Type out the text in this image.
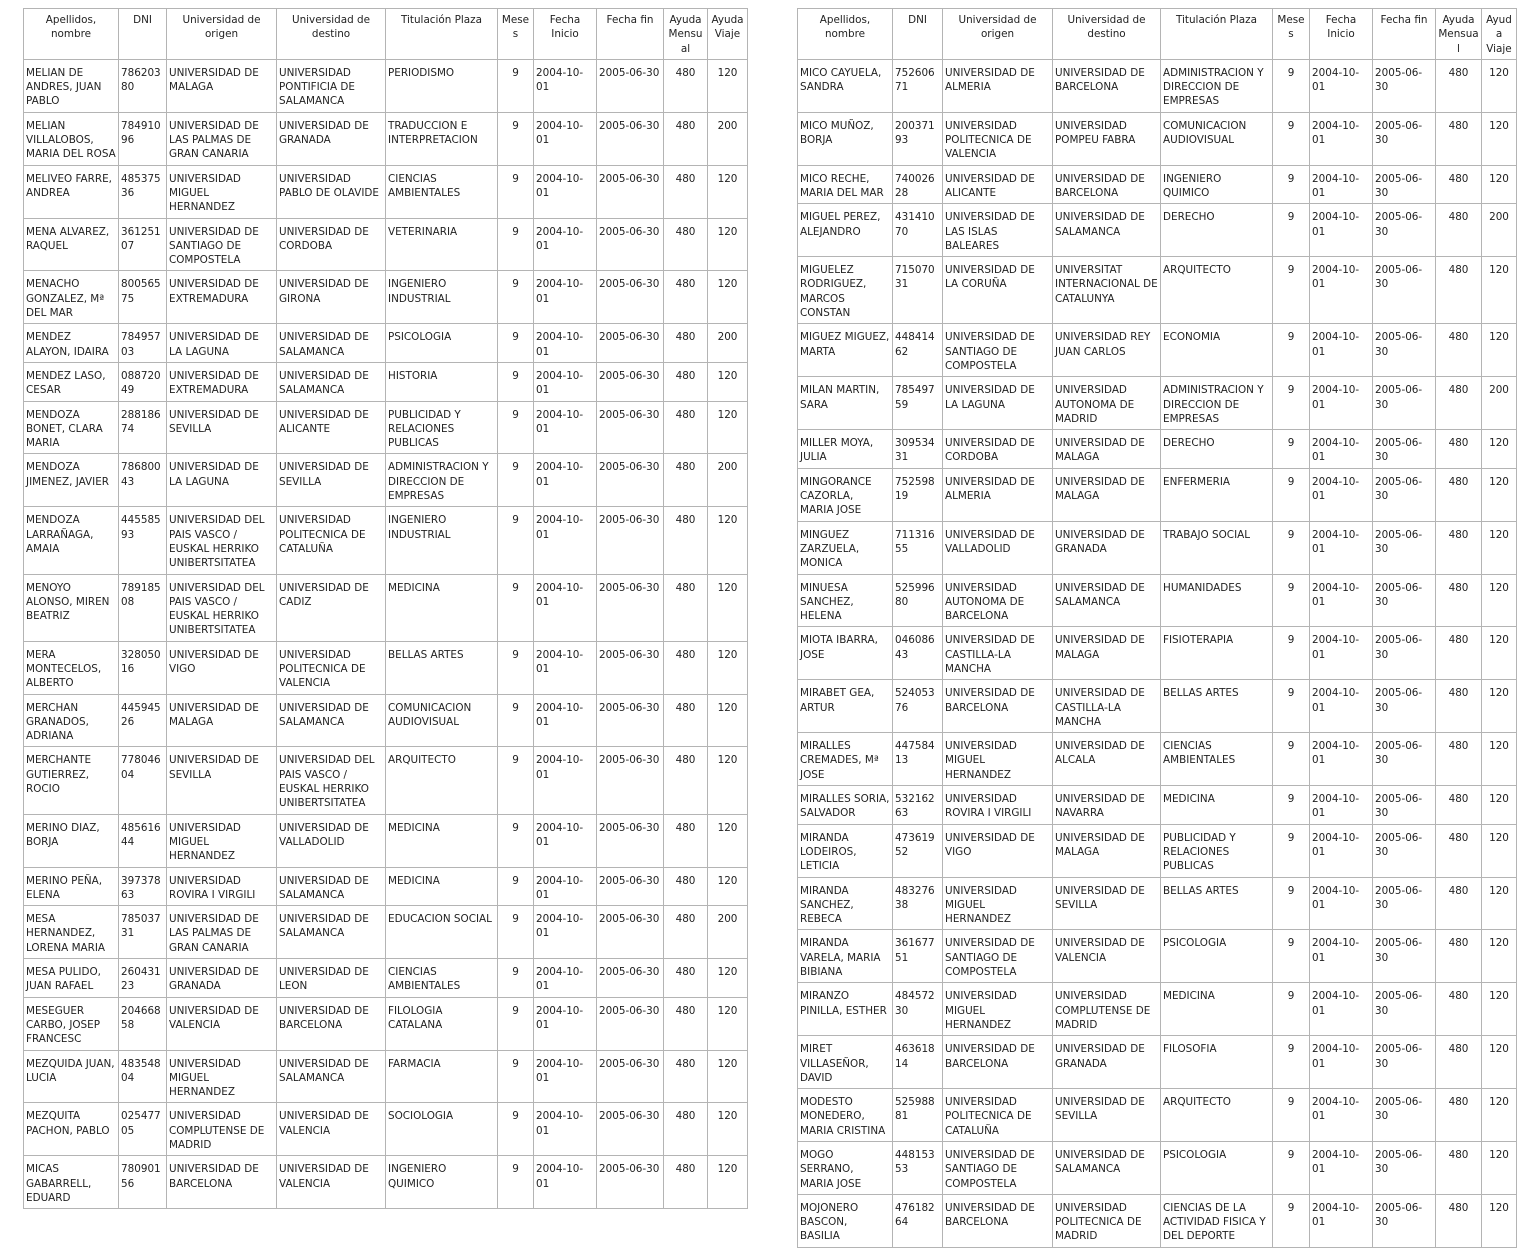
Apellidos, nombre	DNI	Universidad de origen	Universidad de destino	Titulación Plaza	Meses	Fecha Inicio	Fecha fin	Ayuda Mensual	Ayuda Viaje
MELIAN DE ANDRES, JUAN PABLO	78620380	UNIVERSIDAD DE MALAGA	UNIVERSIDAD PONTIFICIA DE SALAMANCA	PERIODISMO	9	2004-10-01	2005-06-30	480	120
MELIAN VILLALOBOS, MARIA DEL ROSA	78491096	UNIVERSIDAD DE LAS PALMAS DE GRAN CANARIA	UNIVERSIDAD DE GRANADA	TRADUCCION E INTERPRETACION	9	2004-10-01	2005-06-30	480	200
MELIVEO FARRE, ANDREA	48537536	UNIVERSIDAD MIGUEL HERNANDEZ	UNIVERSIDAD PABLO DE OLAVIDE	CIENCIAS AMBIENTALES	9	2004-10-01	2005-06-30	480	120
MENA ALVAREZ, RAQUEL	36125107	UNIVERSIDAD DE SANTIAGO DE COMPOSTELA	UNIVERSIDAD DE CORDOBA	VETERINARIA	9	2004-10-01	2005-06-30	480	120
MENACHO GONZALEZ, Mª DEL MAR	80056575	UNIVERSIDAD DE EXTREMADURA	UNIVERSIDAD DE GIRONA	INGENIERO INDUSTRIAL	9	2004-10-01	2005-06-30	480	120
MENDEZ ALAYON, IDAIRA	78495703	UNIVERSIDAD DE LA LAGUNA	UNIVERSIDAD DE SALAMANCA	PSICOLOGIA	9	2004-10-01	2005-06-30	480	200
MENDEZ LASO, CESAR	08872049	UNIVERSIDAD DE EXTREMADURA	UNIVERSIDAD DE SALAMANCA	HISTORIA	9	2004-10-01	2005-06-30	480	120
MENDOZA BONET, CLARA MARIA	28818674	UNIVERSIDAD DE SEVILLA	UNIVERSIDAD DE ALICANTE	PUBLICIDAD Y RELACIONES PUBLICAS	9	2004-10-01	2005-06-30	480	120
MENDOZA JIMENEZ, JAVIER	78680043	UNIVERSIDAD DE LA LAGUNA	UNIVERSIDAD DE SEVILLA	ADMINISTRACION Y DIRECCION DE EMPRESAS	9	2004-10-01	2005-06-30	480	200
MENDOZA LARRAÑAGA, AMAIA	44558593	UNIVERSIDAD DEL PAIS VASCO / EUSKAL HERRIKO UNIBERTSITATEA	UNIVERSIDAD POLITECNICA DE CATALUÑA	INGENIERO INDUSTRIAL	9	2004-10-01	2005-06-30	480	120
MENOYO ALONSO, MIREN BEATRIZ	78918508	UNIVERSIDAD DEL PAIS VASCO / EUSKAL HERRIKO UNIBERTSITATEA	UNIVERSIDAD DE CADIZ	MEDICINA	9	2004-10-01	2005-06-30	480	120
MERA MONTECELOS, ALBERTO	32805016	UNIVERSIDAD DE VIGO	UNIVERSIDAD POLITECNICA DE VALENCIA	BELLAS ARTES	9	2004-10-01	2005-06-30	480	120
MERCHAN GRANADOS, ADRIANA	44594526	UNIVERSIDAD DE MALAGA	UNIVERSIDAD DE SALAMANCA	COMUNICACION AUDIOVISUAL	9	2004-10-01	2005-06-30	480	120
MERCHANTE GUTIERREZ, ROCIO	77804604	UNIVERSIDAD DE SEVILLA	UNIVERSIDAD DEL PAIS VASCO / EUSKAL HERRIKO UNIBERTSITATEA	ARQUITECTO	9	2004-10-01	2005-06-30	480	120
MERINO DIAZ, BORJA	48561644	UNIVERSIDAD MIGUEL HERNANDEZ	UNIVERSIDAD DE VALLADOLID	MEDICINA	9	2004-10-01	2005-06-30	480	120
MERINO PEÑA, ELENA	39737863	UNIVERSIDAD ROVIRA I VIRGILI	UNIVERSIDAD DE SALAMANCA	MEDICINA	9	2004-10-01	2005-06-30	480	120
MESA HERNANDEZ, LORENA MARIA	78503731	UNIVERSIDAD DE LAS PALMAS DE GRAN CANARIA	UNIVERSIDAD DE SALAMANCA	EDUCACION SOCIAL	9	2004-10-01	2005-06-30	480	200
MESA PULIDO, JUAN RAFAEL	26043123	UNIVERSIDAD DE GRANADA	UNIVERSIDAD DE LEON	CIENCIAS AMBIENTALES	9	2004-10-01	2005-06-30	480	120
MESEGUER CARBO, JOSEP FRANCESC	20466858	UNIVERSIDAD DE VALENCIA	UNIVERSIDAD DE BARCELONA	FILOLOGIA CATALANA	9	2004-10-01	2005-06-30	480	120
MEZQUIDA JUAN, LUCIA	48354804	UNIVERSIDAD MIGUEL HERNANDEZ	UNIVERSIDAD DE SALAMANCA	FARMACIA	9	2004-10-01	2005-06-30	480	120
MEZQUITA PACHON, PABLO	02547705	UNIVERSIDAD COMPLUTENSE DE MADRID	UNIVERSIDAD DE VALENCIA	SOCIOLOGIA	9	2004-10-01	2005-06-30	480	120
MICAS GABARRELL, EDUARD	78090156	UNIVERSIDAD DE BARCELONA	UNIVERSIDAD DE VALENCIA	INGENIERO QUIMICO	9	2004-10-01	2005-06-30	480	120
Apellidos, nombre	DNI	Universidad de origen	Universidad de destino	Titulación Plaza	Meses	Fecha Inicio	Fecha fin	Ayuda Mensual	Ayuda Viaje
MICO CAYUELA, SANDRA	75260671	UNIVERSIDAD DE ALMERIA	UNIVERSIDAD DE BARCELONA	ADMINISTRACION Y DIRECCION DE EMPRESAS	9	2004-10-01	2005-06-30	480	120
MICO MUÑOZ, BORJA	20037193	UNIVERSIDAD POLITECNICA DE VALENCIA	UNIVERSIDAD POMPEU FABRA	COMUNICACION AUDIOVISUAL	9	2004-10-01	2005-06-30	480	120
MICO RECHE, MARIA DEL MAR	74002628	UNIVERSIDAD DE ALICANTE	UNIVERSIDAD DE BARCELONA	INGENIERO QUIMICO	9	2004-10-01	2005-06-30	480	120
MIGUEL PEREZ, ALEJANDRO	43141070	UNIVERSIDAD DE LAS ISLAS BALEARES	UNIVERSIDAD DE SALAMANCA	DERECHO	9	2004-10-01	2005-06-30	480	200
MIGUELEZ RODRIGUEZ, MARCOS CONSTAN	71507031	UNIVERSIDAD DE LA CORUÑA	UNIVERSITAT INTERNACIONAL DE CATALUNYA	ARQUITECTO	9	2004-10-01	2005-06-30	480	120
MIGUEZ MIGUEZ, MARTA	44841462	UNIVERSIDAD DE SANTIAGO DE COMPOSTELA	UNIVERSIDAD REY JUAN CARLOS	ECONOMIA	9	2004-10-01	2005-06-30	480	120
MILAN MARTIN, SARA	78549759	UNIVERSIDAD DE LA LAGUNA	UNIVERSIDAD AUTONOMA DE MADRID	ADMINISTRACION Y DIRECCION DE EMPRESAS	9	2004-10-01	2005-06-30	480	200
MILLER MOYA, JULIA	30953431	UNIVERSIDAD DE CORDOBA	UNIVERSIDAD DE MALAGA	DERECHO	9	2004-10-01	2005-06-30	480	120
MINGORANCE CAZORLA, MARIA JOSE	75259819	UNIVERSIDAD DE ALMERIA	UNIVERSIDAD DE MALAGA	ENFERMERIA	9	2004-10-01	2005-06-30	480	120
MINGUEZ ZARZUELA, MONICA	71131655	UNIVERSIDAD DE VALLADOLID	UNIVERSIDAD DE GRANADA	TRABAJO SOCIAL	9	2004-10-01	2005-06-30	480	120
MINUESA SANCHEZ, HELENA	52599680	UNIVERSIDAD AUTONOMA DE BARCELONA	UNIVERSIDAD DE SALAMANCA	HUMANIDADES	9	2004-10-01	2005-06-30	480	120
MIOTA IBARRA, JOSE	04608643	UNIVERSIDAD DE CASTILLA-LA MANCHA	UNIVERSIDAD DE MALAGA	FISIOTERAPIA	9	2004-10-01	2005-06-30	480	120
MIRABET GEA, ARTUR	52405376	UNIVERSIDAD DE BARCELONA	UNIVERSIDAD DE CASTILLA-LA MANCHA	BELLAS ARTES	9	2004-10-01	2005-06-30	480	120
MIRALLES CREMADES, Mª JOSE	44758413	UNIVERSIDAD MIGUEL HERNANDEZ	UNIVERSIDAD DE ALCALA	CIENCIAS AMBIENTALES	9	2004-10-01	2005-06-30	480	120
MIRALLES SORIA, SALVADOR	53216263	UNIVERSIDAD ROVIRA I VIRGILI	UNIVERSIDAD DE NAVARRA	MEDICINA	9	2004-10-01	2005-06-30	480	120
MIRANDA LODEIROS, LETICIA	47361952	UNIVERSIDAD DE VIGO	UNIVERSIDAD DE MALAGA	PUBLICIDAD Y RELACIONES PUBLICAS	9	2004-10-01	2005-06-30	480	120
MIRANDA SANCHEZ, REBECA	48327638	UNIVERSIDAD MIGUEL HERNANDEZ	UNIVERSIDAD DE SEVILLA	BELLAS ARTES	9	2004-10-01	2005-06-30	480	120
MIRANDA VARELA, MARIA BIBIANA	36167751	UNIVERSIDAD DE SANTIAGO DE COMPOSTELA	UNIVERSIDAD DE VALENCIA	PSICOLOGIA	9	2004-10-01	2005-06-30	480	120
MIRANZO PINILLA, ESTHER	48457230	UNIVERSIDAD MIGUEL HERNANDEZ	UNIVERSIDAD COMPLUTENSE DE MADRID	MEDICINA	9	2004-10-01	2005-06-30	480	120
MIRET VILLASEÑOR, DAVID	46361814	UNIVERSIDAD DE BARCELONA	UNIVERSIDAD DE GRANADA	FILOSOFIA	9	2004-10-01	2005-06-30	480	120
MODESTO MONEDERO, MARIA CRISTINA	52598881	UNIVERSIDAD POLITECNICA DE CATALUÑA	UNIVERSIDAD DE SEVILLA	ARQUITECTO	9	2004-10-01	2005-06-30	480	120
MOGO SERRANO, MARIA JOSE	44815353	UNIVERSIDAD DE SANTIAGO DE COMPOSTELA	UNIVERSIDAD DE SALAMANCA	PSICOLOGIA	9	2004-10-01	2005-06-30	480	120
MOJONERO BASCON, BASILIA	47618264	UNIVERSIDAD DE BARCELONA	UNIVERSIDAD POLITECNICA DE MADRID	CIENCIAS DE LA ACTIVIDAD FISICA Y DEL DEPORTE	9	2004-10-01	2005-06-30	480	120
